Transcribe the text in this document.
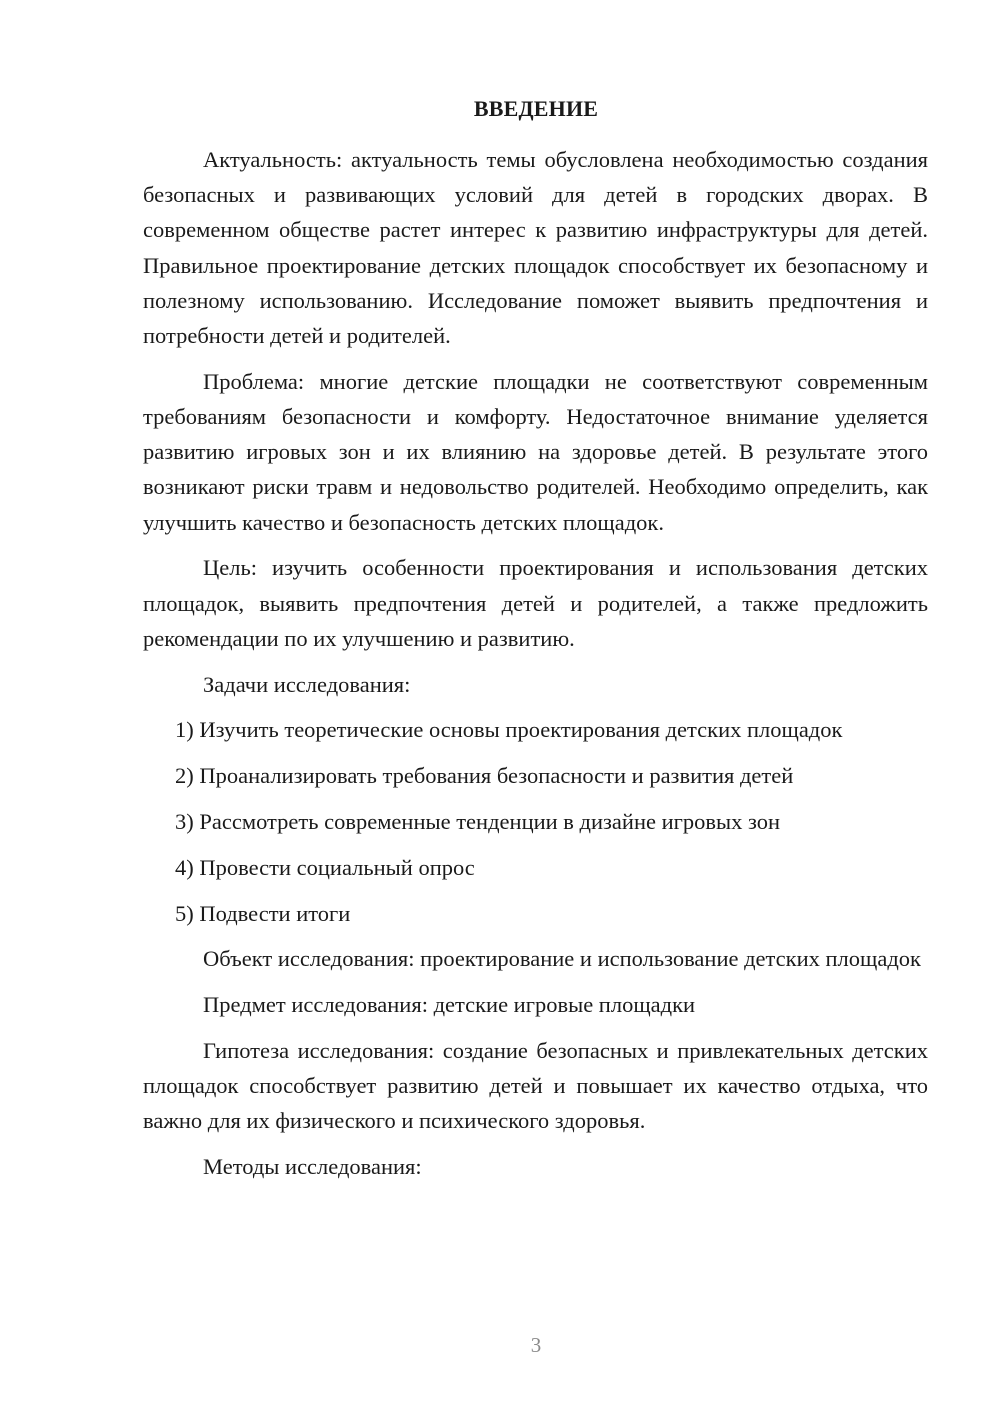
ВВЕДЕНИЕ

Актуальность: актуальность темы обусловлена необходимостью создания безопасных и развивающих условий для детей в городских дворах. В современном обществе растет интерес к развитию инфраструктуры для детей. Правильное проектирование детских площадок способствует их безопасному и полезному использованию. Исследование поможет выявить предпочтения и потребности детей и родителей.

Проблема: многие детские площадки не соответствуют современным требованиям безопасности и комфорту. Недостаточное внимание уделяется развитию игровых зон и их влиянию на здоровье детей. В результате этого возникают риски травм и недовольство родителей. Необходимо определить, как улучшить качество и безопасность детских площадок.

Цель: изучить особенности проектирования и использования детских площадок, выявить предпочтения детей и родителей, а также предложить рекомендации по их улучшению и развитию.

Задачи исследования:

1) Изучить теоретические основы проектирования детских площадок

2) Проанализировать требования безопасности и развития детей

3) Рассмотреть современные тенденции в дизайне игровых зон

4) Провести социальный опрос

5) Подвести итоги

Объект исследования: проектирование и использование детских площадок

Предмет исследования: детские игровые площадки

Гипотеза исследования: создание безопасных и привлекательных детских площадок способствует развитию детей и повышает их качество отдыха, что важно для их физического и психического здоровья.

Методы исследования:

3
